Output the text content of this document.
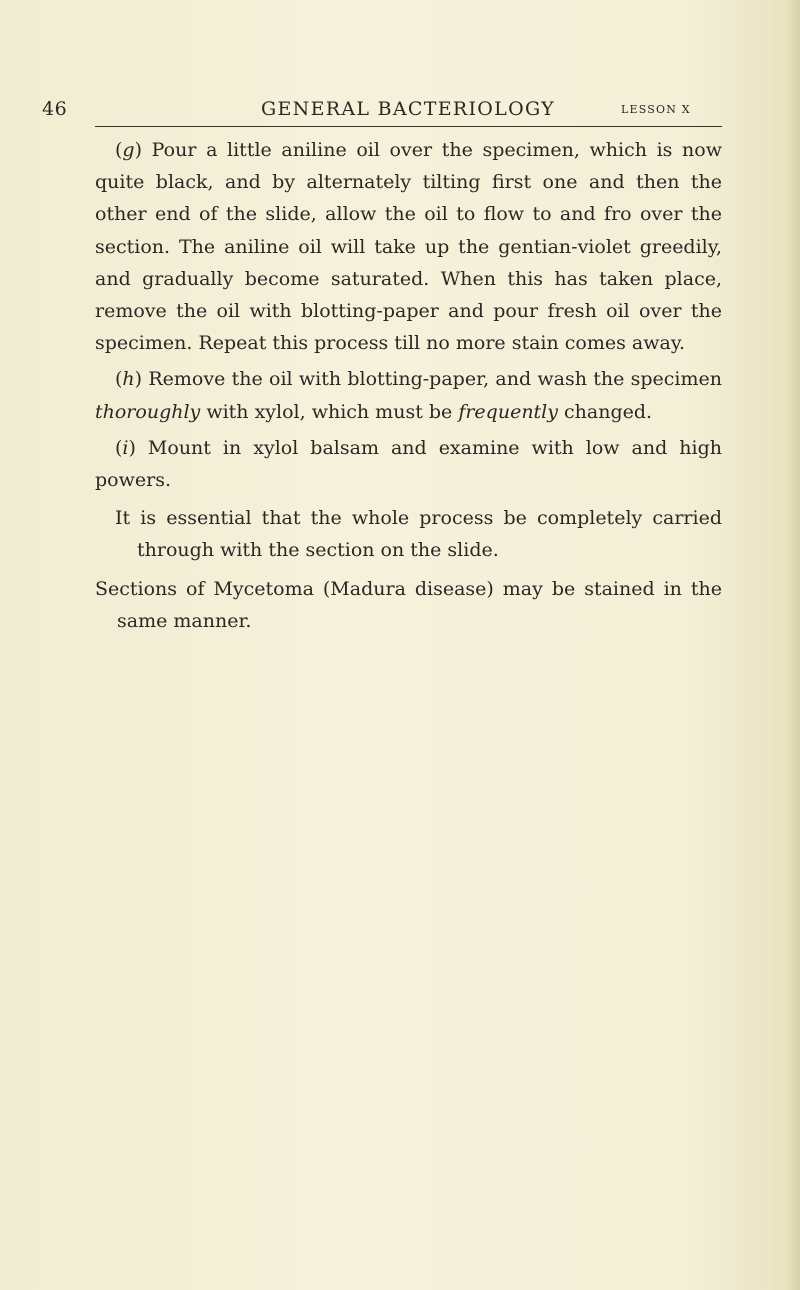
46	GENERAL BACTERIOLOGY	LESSON X

(g) Pour a little aniline oil over the specimen, which is now quite black, and by alternately tilting first one and then the other end of the slide, allow the oil to flow to and fro over the section. The aniline oil will take up the gentian-violet greedily, and gradually become saturated. When this has taken place, remove the oil with blotting-paper and pour fresh oil over the specimen. Repeat this process till no more stain comes away.

(h) Remove the oil with blotting-paper, and wash the specimen thoroughly with xylol, which must be frequently changed.

(i) Mount in xylol balsam and examine with low and high powers.

It is essential that the whole process be completely carried through with the section on the slide.

Sections of Mycetoma (Madura disease) may be stained in the same manner.
